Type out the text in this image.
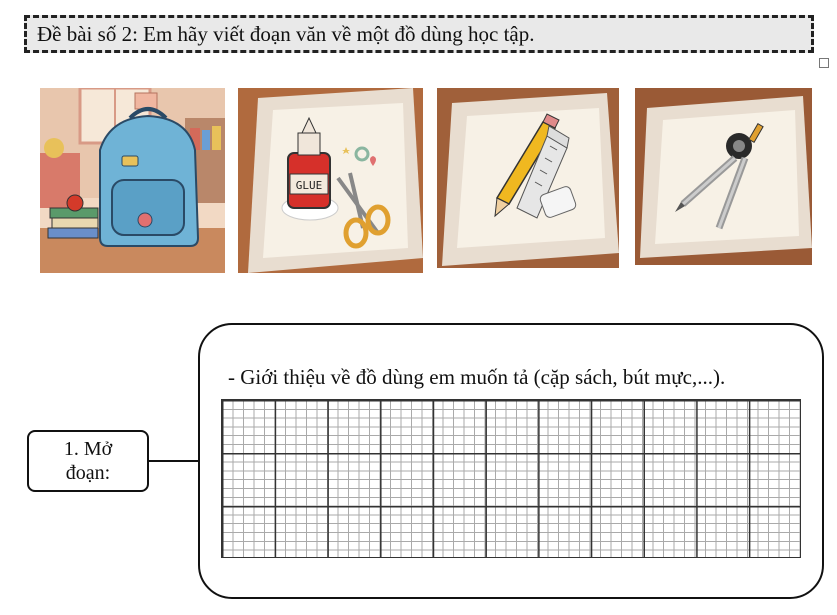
Đề bài số 2: Em hãy viết đoạn văn về một đồ dùng học tập.
GLUE
- Giới thiệu về đồ dùng em muốn tả (cặp sách, bút mực,...).
1. Mở
đoạn:
